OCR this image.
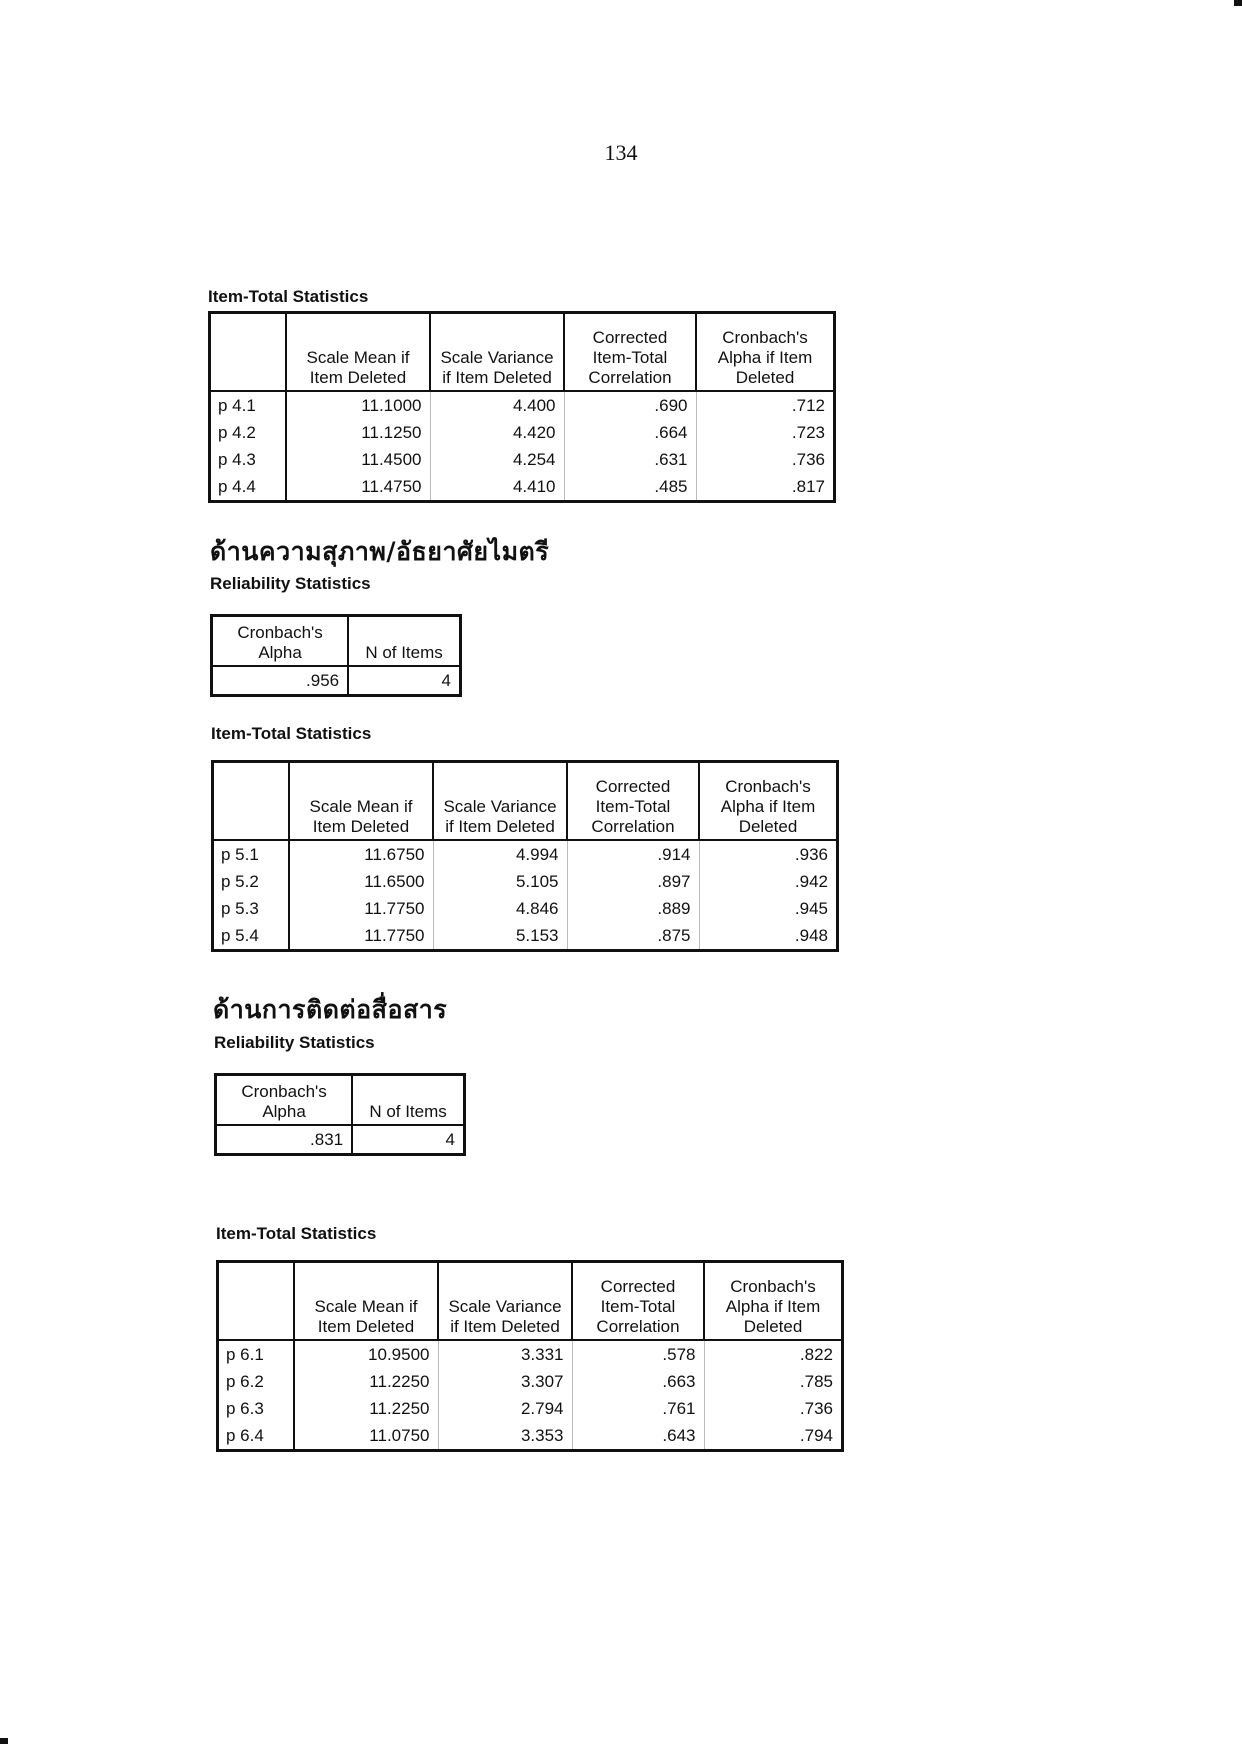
134
Item-Total Statistics
	Scale Mean if Item Deleted	Scale Variance if Item Deleted	Corrected Item-Total Correlation	Cronbach's Alpha if Item Deleted
p 4.1	11.1000	4.400	.690	.712
p 4.2	11.1250	4.420	.664	.723
p 4.3	11.4500	4.254	.631	.736
p 4.4	11.4750	4.410	.485	.817
ด้านความสุภาพ/อัธยาศัยไมตรี
Reliability Statistics
Cronbach's Alpha	N of Items
.956	4
Item-Total Statistics
	Scale Mean if Item Deleted	Scale Variance if Item Deleted	Corrected Item-Total Correlation	Cronbach's Alpha if Item Deleted
p 5.1	11.6750	4.994	.914	.936
p 5.2	11.6500	5.105	.897	.942
p 5.3	11.7750	4.846	.889	.945
p 5.4	11.7750	5.153	.875	.948
ด้านการติดต่อสื่อสาร
Reliability Statistics
Cronbach's Alpha	N of Items
.831	4
Item-Total Statistics
	Scale Mean if Item Deleted	Scale Variance if Item Deleted	Corrected Item-Total Correlation	Cronbach's Alpha if Item Deleted
p 6.1	10.9500	3.331	.578	.822
p 6.2	11.2250	3.307	.663	.785
p 6.3	11.2250	2.794	.761	.736
p 6.4	11.0750	3.353	.643	.794
